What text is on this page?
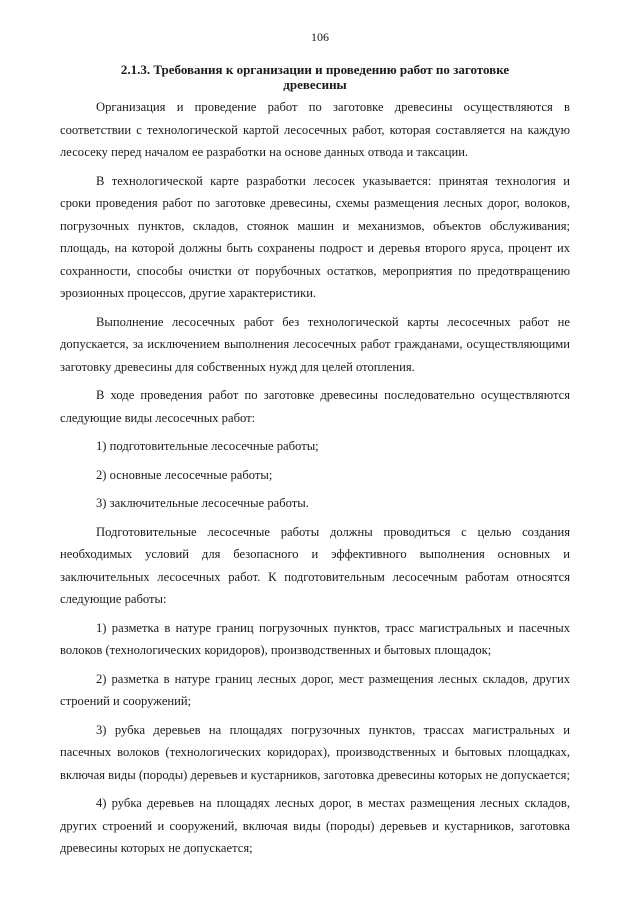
106
2.1.3. Требования к организации и проведению работ по заготовке
древесины

Организация и проведение работ по заготовке древесины осуществляются в соответствии с технологической картой лесосечных работ, которая составляется на каждую лесосеку перед началом ее разработки на основе данных отвода и таксации.

В технологической карте разработки лесосек указывается: принятая технология и сроки проведения работ по заготовке древесины, схемы размещения лесных дорог, волоков, погрузочных пунктов, складов, стоянок машин и механизмов, объектов обслуживания; площадь, на которой должны быть сохранены подрост и деревья второго яруса, процент их сохранности, способы очистки от порубочных остатков, мероприятия по предотвращению эрозионных процессов, другие характеристики.

Выполнение лесосечных работ без технологической карты лесосечных работ не допускается, за исключением выполнения лесосечных работ гражданами, осуществляющими заготовку древесины для собственных нужд для целей отопления.

В ходе проведения работ по заготовке древесины последовательно осуществляются следующие виды лесосечных работ:

1) подготовительные лесосечные работы;

2) основные лесосечные работы;

3) заключительные лесосечные работы.

Подготовительные лесосечные работы должны проводиться с целью создания необходимых условий для безопасного и эффективного выполнения основных и заключительных лесосечных работ. К подготовительным лесосечным работам относятся следующие работы:

1) разметка в натуре границ погрузочных пунктов, трасс магистральных и пасечных волоков (технологических коридоров), производственных и бытовых площадок;

2) разметка в натуре границ лесных дорог, мест размещения лесных складов, других строений и сооружений;

3) рубка деревьев на площадях погрузочных пунктов, трассах магистральных и пасечных волоков (технологических коридорах), производственных и бытовых площадках, включая виды (породы) деревьев и кустарников, заготовка древесины которых не допускается;

4) рубка деревьев на площадях лесных дорог, в местах размещения лесных складов, других строений и сооружений, включая виды (породы) деревьев и кустарников, заготовка древесины которых не допускается;
